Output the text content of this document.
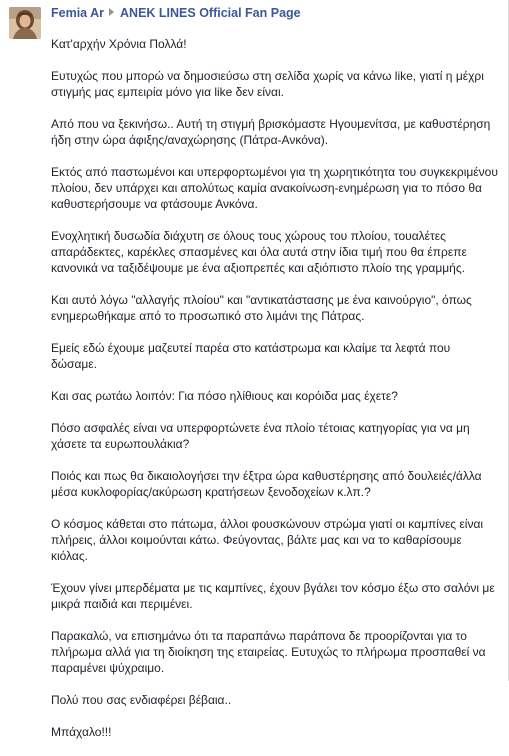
Femia Ar ANEK LINES Official Fan Page

Κατ'αρχήν Χρόνια Πολλά!

Ευτυχώς που μπορώ να δημοσιεύσω στη σελίδα χωρίς να κάνω like, γιατί η μέχρι στιγμής μας εμπειρία μόνο για like δεν είναι.

Από που να ξεκινήσω.. Αυτή τη στιγμή βρισκόμαστε Ηγουμενίτσα, με καθυστέρηση ήδη στην ώρα άφιξης/αναχώρησης (Πάτρα-Ανκόνα).

Εκτός από παστωμένοι και υπερφορτωμένοι για τη χωρητικότητα του συγκεκριμένου πλοίου, δεν υπάρχει και απολύτως καμία ανακοίνωση-ενημέρωση για το πόσο θα καθυστερήσουμε να φτάσουμε Ανκόνα.

Ενοχλητική δυσωδία διάχυτη σε όλους τους χώρους του πλοίου, τουαλέτες απαράδεκτες, καρέκλες σπασμένες και όλα αυτά στην ίδια τιμή που θα έπρεπε κανονικά να ταξιδέψουμε με ένα αξιοπρεπές και αξιόπιστο πλοίο της γραμμής.

Και αυτό λόγω "αλλαγής πλοίου" και "αντικατάστασης με ένα καινούργιο", όπως ενημερωθήκαμε από το προσωπικό στο λιμάνι της Πάτρας.

Εμείς εδώ έχουμε μαζευτεί παρέα στο κατάστρωμα και κλαίμε τα λεφτά που δώσαμε.

Και σας ρωτάω λοιπόν: Για πόσο ηλίθιους και κορόιδα μας έχετε?

Πόσο ασφαλές είναι να υπερφορτώνετε ένα πλοίο τέτοιας κατηγορίας για να μη χάσετε τα ευρωπουλάκια?

Ποιός και πως θα δικαιολογήσει την έξτρα ώρα καθυστέρησης από δουλειές/άλλα μέσα κυκλοφορίας/ακύρωση κρατήσεων ξενοδοχείων κ.λπ.?

Ο κόσμος κάθεται στο πάτωμα, άλλοι φουσκώνουν στρώμα γιατί οι καμπίνες είναι πλήρεις, άλλοι κοιμούνται κάτω. Φεύγοντας, βάλτε μας και να το καθαρίσουμε κιόλας.

Έχουν γίνει μπερδέματα με τις καμπίνες, έχουν βγάλει τον κόσμο έξω στο σαλόνι με μικρά παιδιά και περιμένει.

Παρακαλώ, να επισημάνω ότι τα παραπάνω παράπονα δε προορίζονται για το πλήρωμα αλλά για τη διοίκηση της εταιρείας. Ευτυχώς το πλήρωμα προσπαθεί να παραμένει ψύχραιμο.

Πολύ που σας ενδιαφέρει βέβαια..

Μπάχαλο!!!
